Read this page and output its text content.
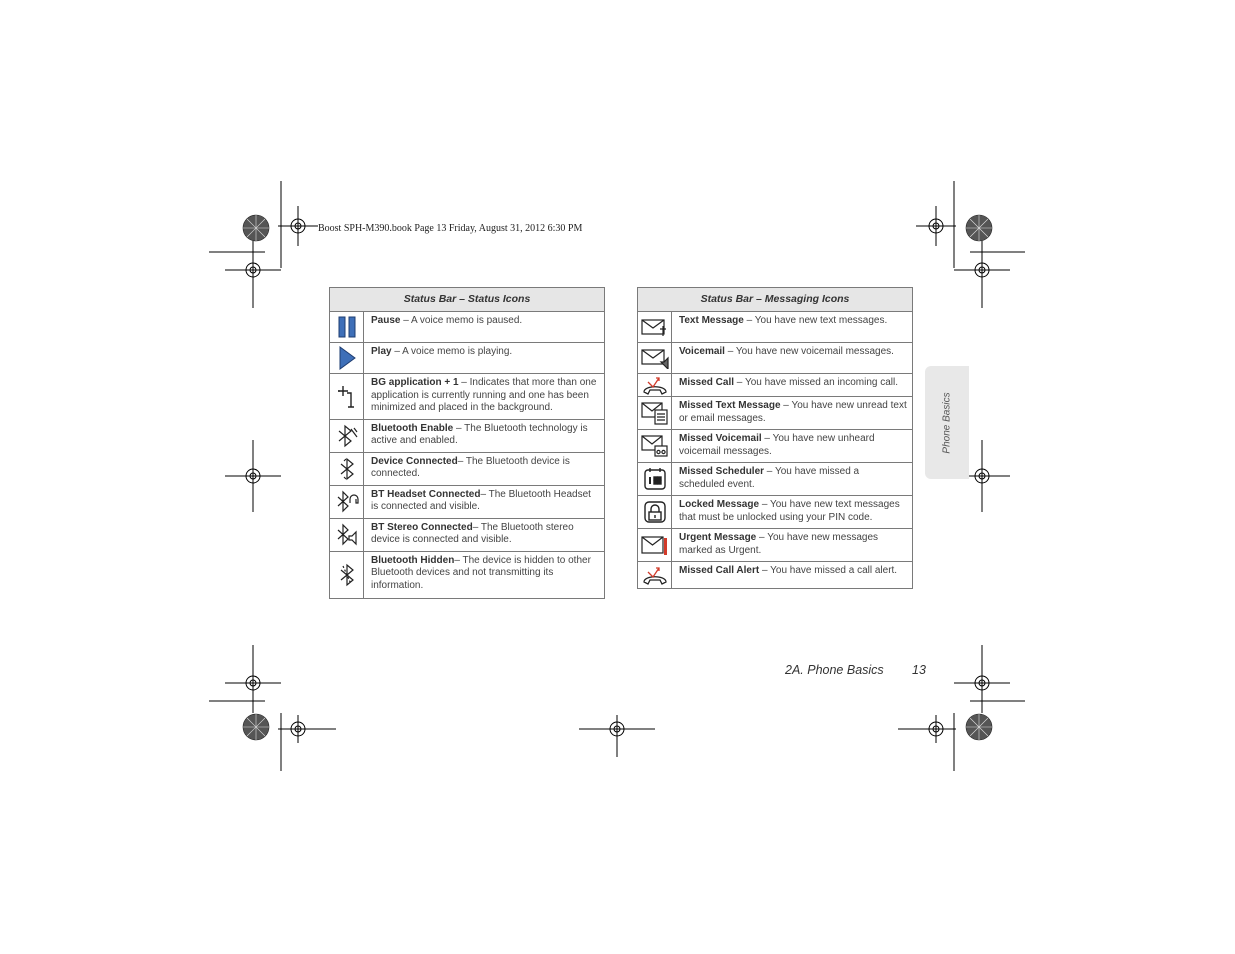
Boost SPH-M390.book Page 13 Friday, August 31, 2012 6:30 PM
Status Bar – Status Icons	

	Pause – A voice memo is paused.

	Play – A voice memo is playing.

	BG application + 1 – Indicates that more than one application is currently running and one has been minimized and placed in the background.

	Bluetooth Enable – The Bluetooth technology is active and enabled.

	Device Connected– The Bluetooth device is connected.

	BT Headset Connected– The Bluetooth Headset is connected and visible.

	BT Stereo Connected– The Bluetooth stereo device is connected and visible.

	Bluetooth Hidden– The device is hidden to other Bluetooth devices and not transmitting its information.
Status Bar – Messaging Icons	

	Text Message – You have new text messages.

	Voicemail – You have new voicemail messages.

	Missed Call – You have missed an incoming call.

	Missed Text Message – You have new unread text or email messages.

	Missed Voicemail – You have new unheard voicemail messages.

	Missed Scheduler – You have missed a scheduled event.

	Locked Message – You have new text messages that must be unlocked using your PIN code.

	Urgent Message – You have new messages marked as Urgent.

	Missed Call Alert – You have missed a call alert.
Phone Basics
2A. Phone Basics 13
